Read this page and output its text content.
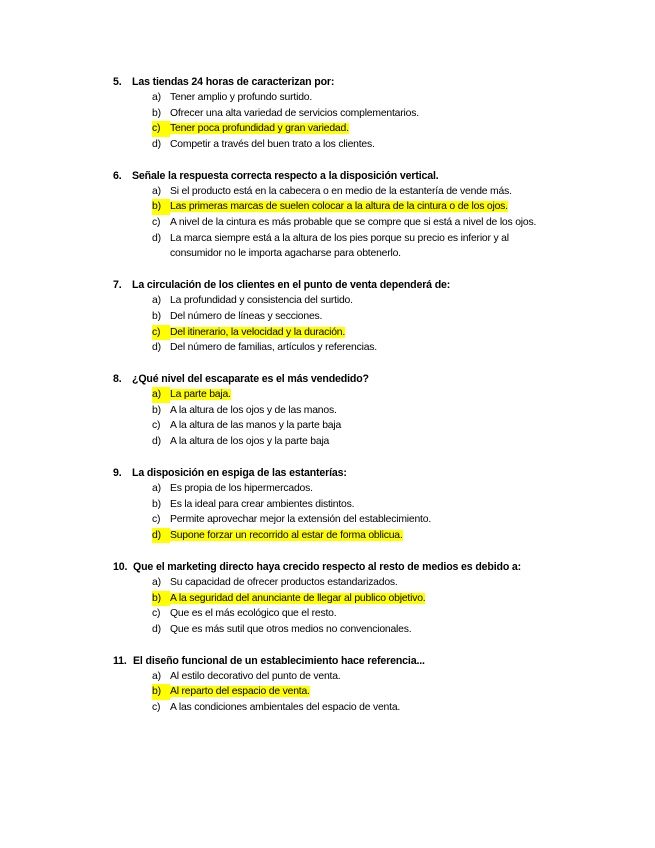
5. Las tiendas 24 horas de caracterizan por:
a) Tener amplio y profundo surtido.
b) Ofrecer una alta variedad de servicios complementarios.
c) Tener poca profundidad y gran variedad.
d) Competir a través del buen trato a los clientes.
6. Señale la respuesta correcta respecto a la disposición vertical.
a) Si el producto está en la cabecera o en medio de la estantería de vende más.
b) Las primeras marcas de suelen colocar a la altura de la cintura o de los ojos.
c) A nivel de la cintura es más probable que se compre que si está a nivel de los ojos.
d) La marca siempre está a la altura de los pies porque su precio es inferior y al consumidor no le importa agacharse para obtenerlo.
7. La circulación de los clientes en el punto de venta dependerá de:
a) La profundidad y consistencia del surtido.
b) Del número de líneas y secciones.
c) Del itinerario, la velocidad y la duración.
d) Del número de familias, artículos y referencias.
8. ¿Qué nivel del escaparate es el más vendedido?
a) La parte baja.
b) A la altura de los ojos y de las manos.
c) A la altura de las manos y la parte baja
d) A la altura de los ojos y la parte baja
9. La disposición en espiga de las estanterías:
a) Es propia de los hipermercados.
b) Es la ideal para crear ambientes distintos.
c) Permite aprovechar mejor la extensión del establecimiento.
d) Supone forzar un recorrido al estar de forma oblicua.
10. Que el marketing directo haya crecido respecto al resto de medios es debido a:
a) Su capacidad de ofrecer productos estandarizados.
b) A la seguridad del anunciante de llegar al publico objetivo.
c) Que es el más ecológico que el resto.
d) Que es más sutil que otros medios no convencionales.
11. El diseño funcional de un establecimiento hace referencia...
a) Al estilo decorativo del punto de venta.
b) Al reparto del espacio de venta.
c) A las condiciones ambientales del espacio de venta.
